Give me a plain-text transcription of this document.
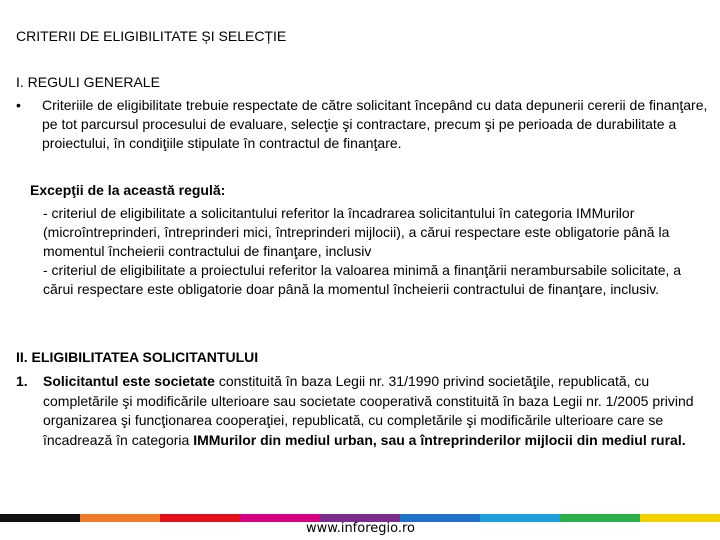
CRITERII DE ELIGIBILITATE ȘI SELECȚIE
I. REGULI GENERALE
•	Criteriile de eligibilitate trebuie respectate de către solicitant începând cu data depunerii cererii de finanţare, pe tot parcursul procesului de evaluare, selecţie şi contractare, precum şi pe perioada de durabilitate a proiectului, în condiţiile stipulate în contractul de finanţare.
Excepţii de la această regulă:

- criteriul de eligibilitate a solicitantului referitor la încadrarea solicitantului în categoria IMMurilor (microîntreprinderi, întreprinderi mici, întreprinderi mijlocii), a cărui respectare este obligatorie până la momentul încheierii contractului de finanţare, inclusiv

- criteriul de eligibilitate a proiectului referitor la valoarea minimă a finanţării nerambursabile solicitate, a cărui respectare este obligatorie doar până la momentul încheierii contractului de finanţare, inclusiv.

II. ELIGIBILITATEA SOLICITANTULUI
1. Solicitantul este societate constituită în baza Legii nr. 31/1990 privind societăţile, republicată, cu completările şi modificările ulterioare sau societate cooperativă constituită în baza Legii nr. 1/2005 privind organizarea şi funcţionarea cooperaţiei, republicată, cu completările şi modificările ulterioare care se încadrează în categoria IMMurilor din mediul urban, sau a întreprinderilor mijlocii din mediul rural.
www.inforegio.ro
